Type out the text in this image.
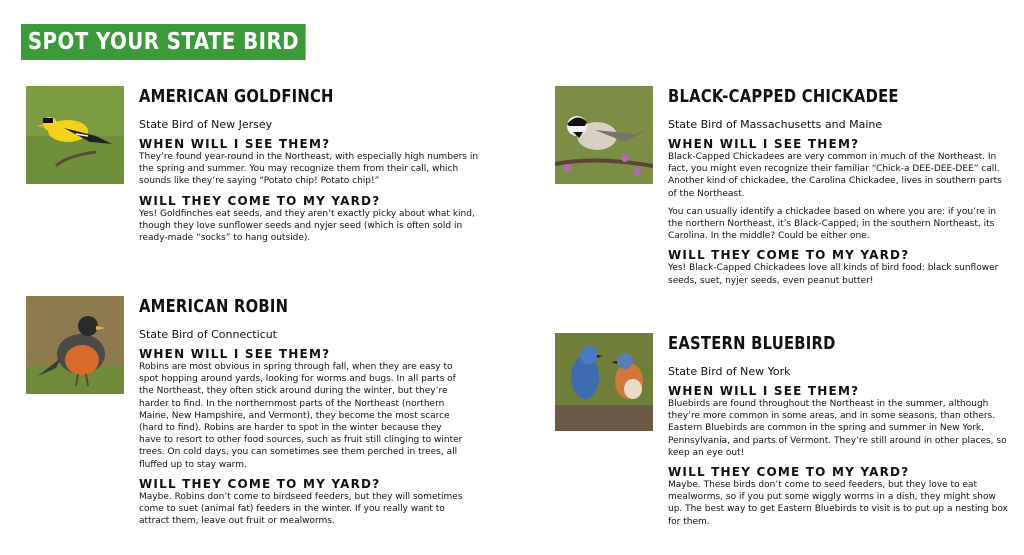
SPOT YOUR STATE BIRD
AMERICAN GOLDFINCH
State Bird of New Jersey
WHEN WILL I SEE THEM?
They’re found year-round in the Northeast, with especially high numbers in the spring and summer. You may recognize them from their call, which sounds like they’re saying “Potato chip! Potato chip!”
WILL THEY COME TO MY YARD?
Yes! Goldfinches eat seeds, and they aren’t exactly picky about what kind, though they love sunflower seeds and nyjer seed (which is often sold in ready-made “socks” to hang outside).
AMERICAN ROBIN
State Bird of Connecticut
WHEN WILL I SEE THEM?
Robins are most obvious in spring through fall, when they are easy to spot hopping around yards, looking for worms and bugs. In all parts of the Northeast, they often stick around during the winter, but they’re harder to find. In the northernmost parts of the Northeast (northern Maine, New Hampshire, and Vermont), they become the most scarce (hard to find). Robins are harder to spot in the winter because they have to resort to other food sources, such as fruit still clinging to winter trees. On cold days, you can sometimes see them perched in trees, all fluffed up to stay warm.
WILL THEY COME TO MY YARD?
Maybe. Robins don’t come to birdseed feeders, but they will sometimes come to suet (animal fat) feeders in the winter. If you really want to attract them, leave out fruit or mealworms.
BLACK-CAPPED CHICKADEE
State Bird of Massachusetts and Maine
WHEN WILL I SEE THEM?
Black-Capped Chickadees are very common in much of the Northeast. In fact, you might even recognize their familiar “Chick-a DEE-DEE-DEE” call. Another kind of chickadee, the Carolina Chickadee, lives in southern parts of the Northeast.
You can usually identify a chickadee based on where you are: if you’re in the northern Northeast, it’s Black-Capped; in the southern Northeast, its Carolina. In the middle? Could be either one.
WILL THEY COME TO MY YARD?
Yes! Black-Capped Chickadees love all kinds of bird food: black sunflower seeds, suet, nyjer seeds, even peanut butter!
EASTERN BLUEBIRD
State Bird of New York
WHEN WILL I SEE THEM?
Bluebirds are found throughout the Northeast in the summer, although they’re more common in some areas, and in some seasons, than others. Eastern Bluebirds are common in the spring and summer in New York, Pennsylvania, and parts of Vermont. They’re still around in other places, so keep an eye out!
WILL THEY COME TO MY YARD?
Maybe. These birds don’t come to seed feeders, but they love to eat mealworms, so if you put some wiggly worms in a dish, they might show up. The best way to get Eastern Bluebirds to visit is to put up a nesting box for them.
